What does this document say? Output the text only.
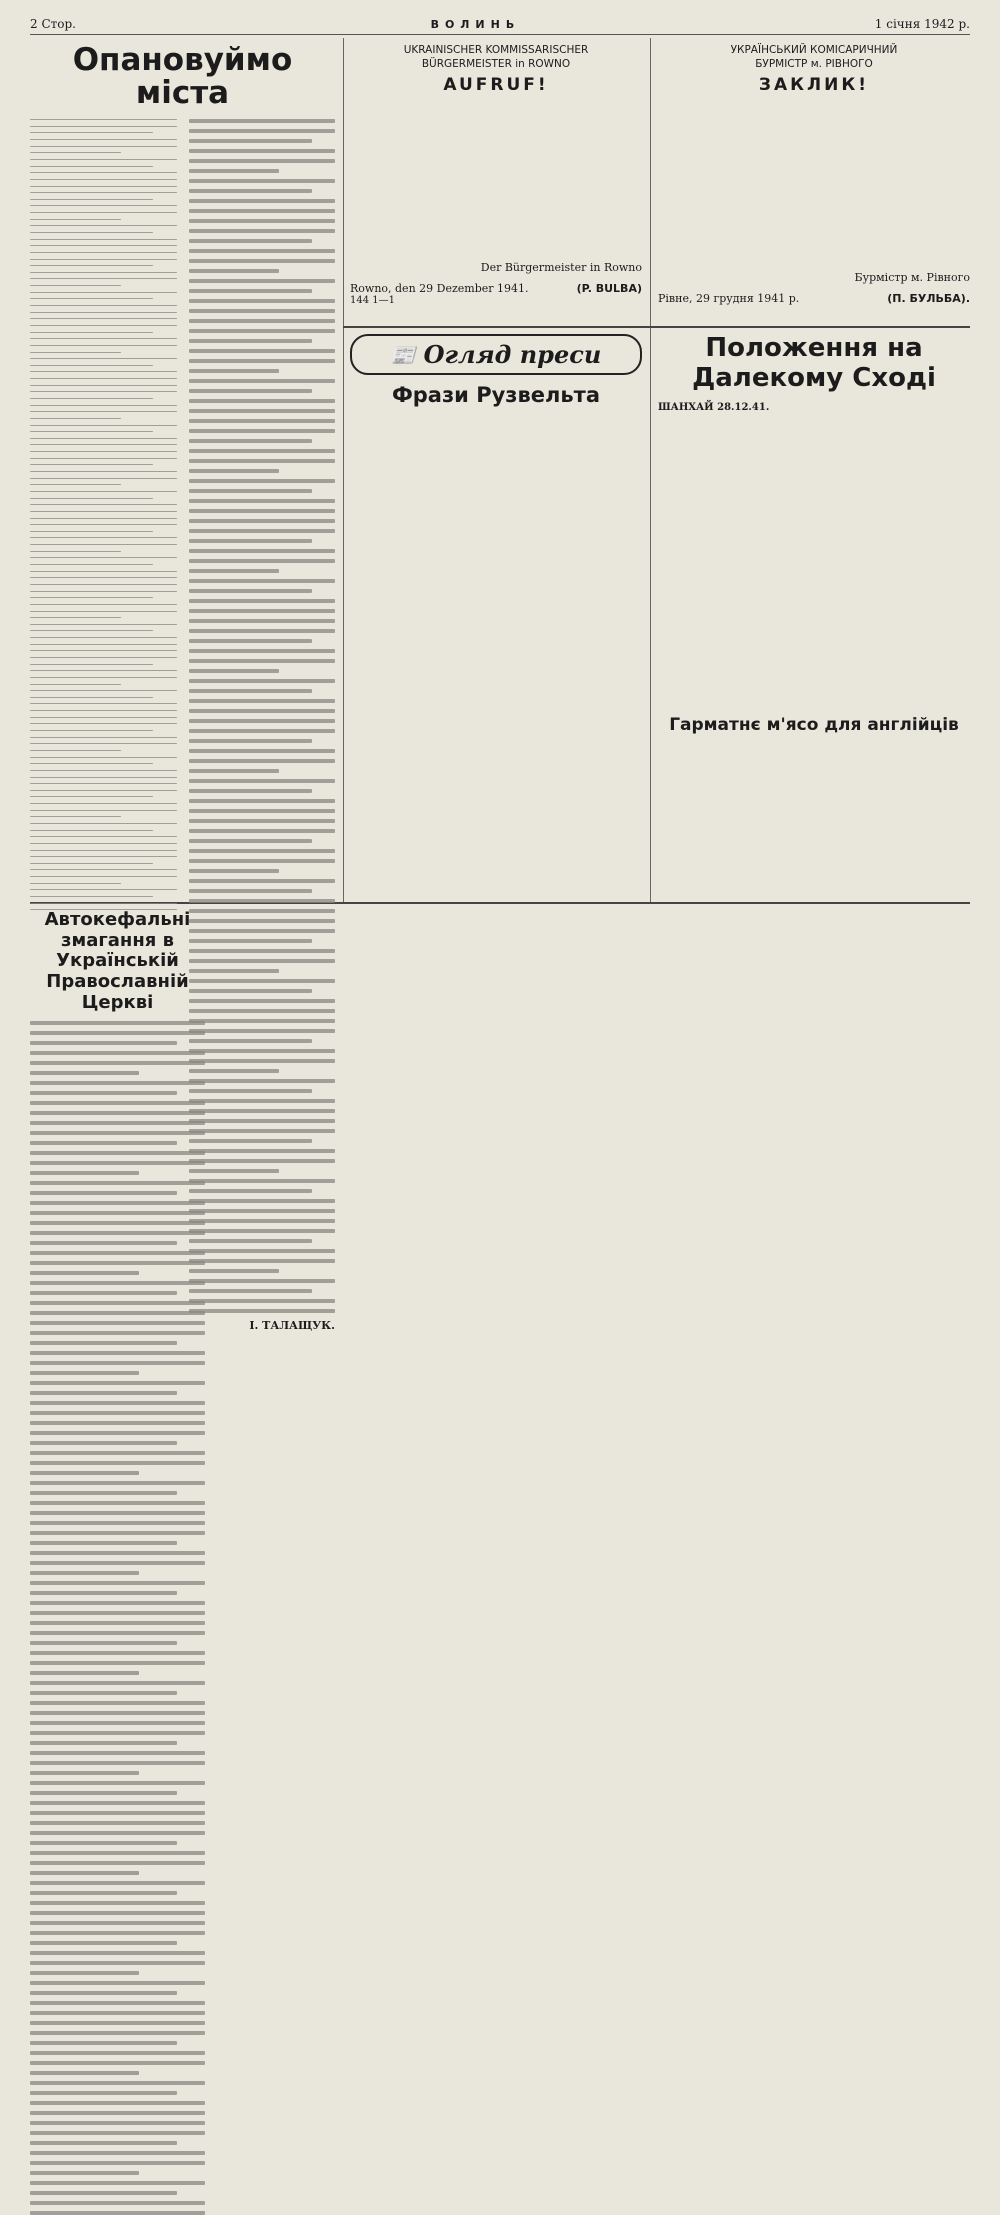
2 Стор.	ВОЛИНЬ	1 січня 1942 р.
Опановуймо міста
І. ТАЛАЩУК.
UKRAINISCHER KOMMISSARISCHER
BÜRGERMEISTER in ROWNO
AUFRUF!
Der Bürgermeister in Rowno
Rowno, den 29 Dezember 1941.	(P. BULBA)
144 1—1
УКРАЇНСЬКИЙ КОМІСАРИЧНИЙ
БУРМІСТР м. РІВНОГО
ЗАКЛИК!
Бурмістр м. Рівного
Рівне, 29 грудня 1941 р.	(П. БУЛЬБА).
📰 Огляд преси
Фрази Рузвельта
Положення на Далекому Сході
ШАНХАЙ 28.12.41.
Гарматнє м'ясо для англійців
Автокефальні змагання в Українській Православній Церкві
